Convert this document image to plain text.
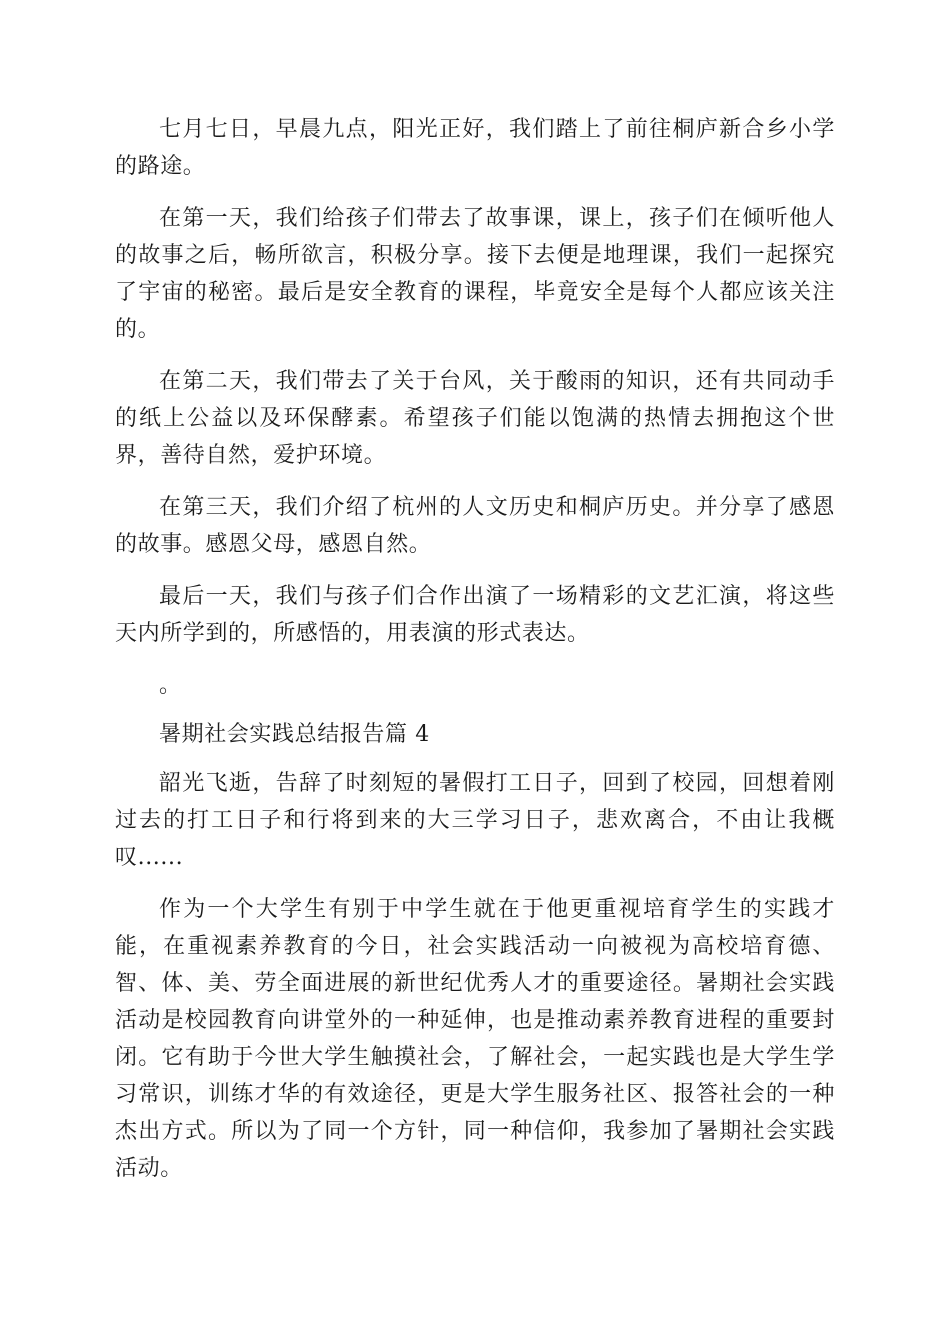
七月七日，早晨九点，阳光正好，我们踏上了前往桐庐新合乡小学的路途。

在第一天，我们给孩子们带去了故事课，课上，孩子们在倾听他人的故事之后，畅所欲言，积极分享。接下去便是地理课，我们一起探究了宇宙的秘密。最后是安全教育的课程，毕竟安全是每个人都应该关注的。

在第二天，我们带去了关于台风，关于酸雨的知识，还有共同动手的纸上公益以及环保酵素。希望孩子们能以饱满的热情去拥抱这个世界，善待自然，爱护环境。

在第三天，我们介绍了杭州的人文历史和桐庐历史。并分享了感恩的故事。感恩父母，感恩自然。

最后一天，我们与孩子们合作出演了一场精彩的文艺汇演，将这些天内所学到的，所感悟的，用表演的形式表达。

。

暑期社会实践总结报告篇 4

韶光飞逝，告辞了时刻短的暑假打工日子，回到了校园，回想着刚过去的打工日子和行将到来的大三学习日子，悲欢离合，不由让我概叹......

作为一个大学生有别于中学生就在于他更重视培育学生的实践才能，在重视素养教育的今日，社会实践活动一向被视为高校培育德、智、体、美、劳全面进展的新世纪优秀人才的重要途径。暑期社会实践活动是校园教育向讲堂外的一种延伸，也是推动素养教育进程的重要封闭。它有助于今世大学生触摸社会，了解社会，一起实践也是大学生学习常识，训练才华的有效途径，更是大学生服务社区、报答社会的一种杰出方式。所以为了同一个方针，同一种信仰，我参加了暑期社会实践活动。
